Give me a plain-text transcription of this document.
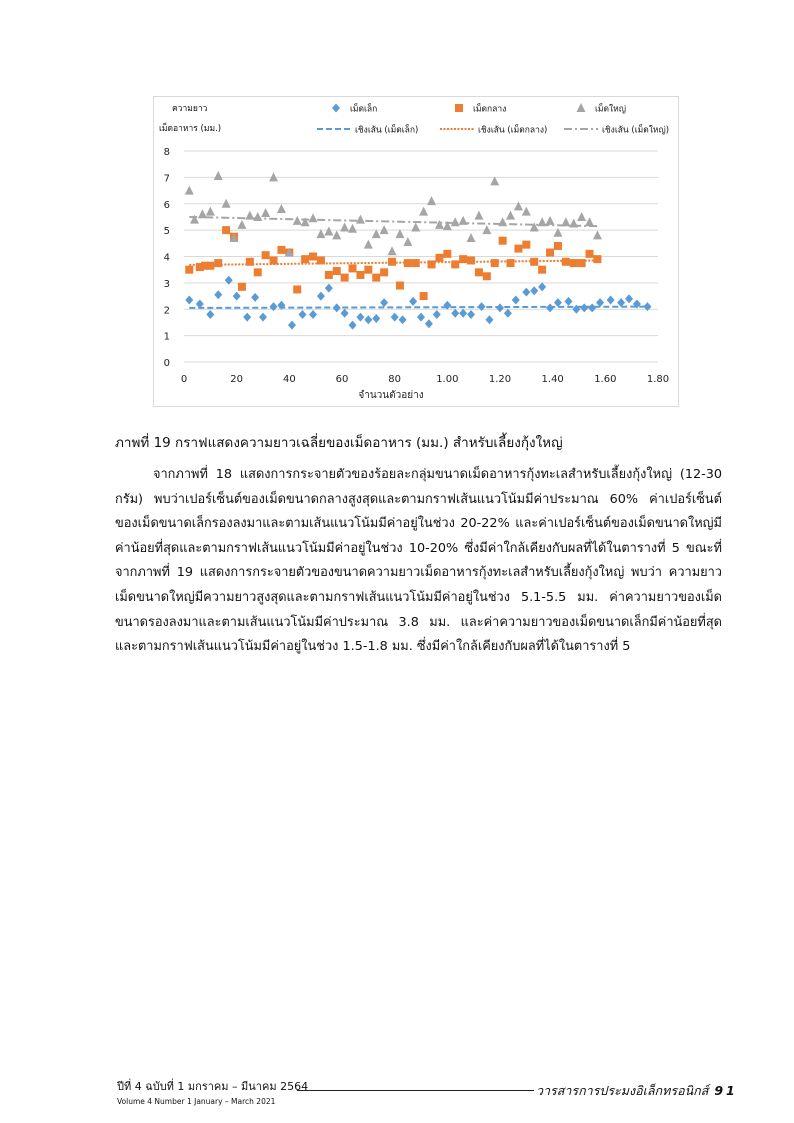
0
1
2
3
4
5
6
7
8
0	20	40	60	80	1.00	1.20	1.40	1.60	1.80
จำนวนตัวอย่าง
ความยาว
เม็ดอาหาร (มม.)
เม็ดเล็ก
เชิงเส้น (เม็ดเล็ก)
เม็ดกลาง
เชิงเส้น (เม็ดกลาง)
เม็ดใหญ่
เชิงเส้น (เม็ดใหญ่)
ภาพที่ 19 กราฟแสดงความยาวเฉลี่ยของเม็ดอาหาร (มม.) สำหรับเลี้ยงกุ้งใหญ่
จากภาพที่ 18 แสดงการกระจายตัวของร้อยละกลุ่มขนาดเม็ดอาหารกุ้งทะเลสำหรับเลี้ยงกุ้งใหญ่ (12-30 กรัม) พบว่าเปอร์เซ็นต์ของเม็ดขนาดกลางสูงสุดและตามกราฟเส้นแนวโน้มมีค่าประมาณ 60% ค่าเปอร์เซ็นต์ของเม็ดขนาดเล็กรองลงมาและตามเส้นแนวโน้มมีค่าอยู่ในช่วง 20-22% และค่าเปอร์เซ็นต์ของเม็ดขนาดใหญ่มีค่าน้อยที่สุดและตามกราฟเส้นแนวโน้มมีค่าอยู่ในช่วง 10-20% ซึ่งมีค่าใกล้เคียงกับผลที่ได้ในตารางที่ 5 ขณะที่จากภาพที่ 19 แสดงการกระจายตัวของขนาดความยาวเม็ดอาหารกุ้งทะเลสำหรับเลี้ยงกุ้งใหญ่ พบว่า ความยาวเม็ดขนาดใหญ่มีความยาวสูงสุดและตามกราฟเส้นแนวโน้มมีค่าอยู่ในช่วง 5.1-5.5 มม. ค่าความยาวของเม็ดขนาดรองลงมาและตามเส้นแนวโน้มมีค่าประมาณ 3.8 มม. และค่าความยาวของเม็ดขนาดเล็กมีค่าน้อยที่สุดและตามกราฟเส้นแนวโน้มมีค่าอยู่ในช่วง 1.5-1.8 มม. ซึ่งมีค่าใกล้เคียงกับผลที่ได้ในตารางที่ 5
ปีที่ 4 ฉบับที่ 1 มกราคม – มีนาคม 2564
Volume 4 Number 1 January – March 2021
วารสารการประมงอิเล็กทรอนิกส์ 91
